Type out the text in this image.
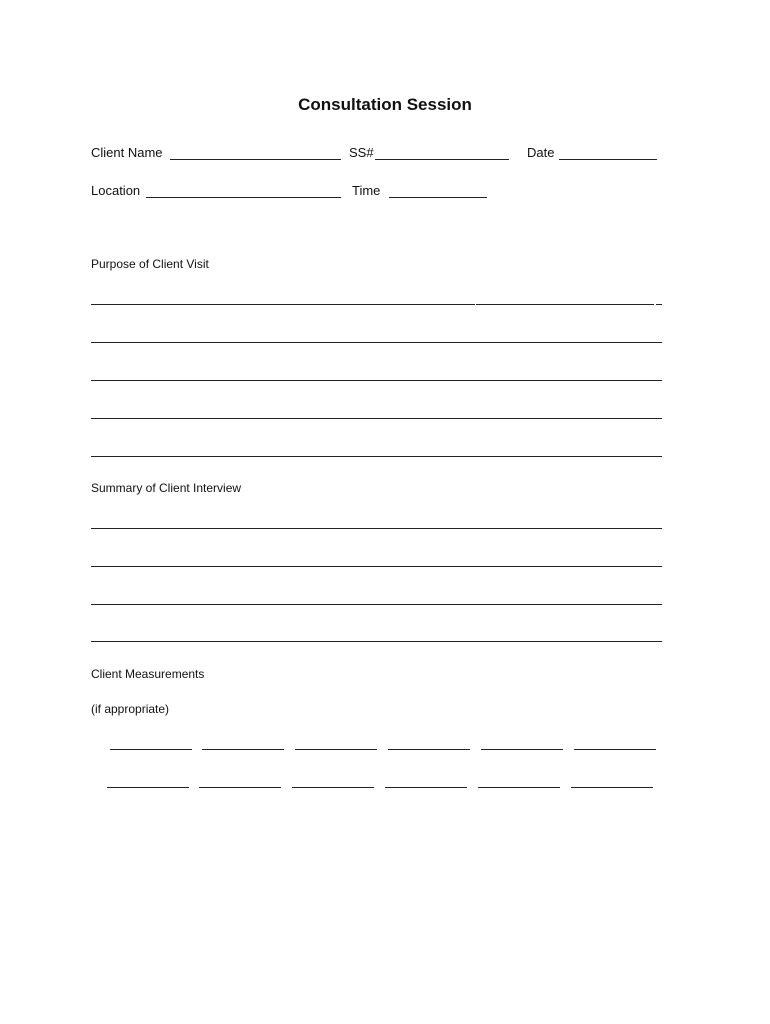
Consultation Session
Client Name	SS#	Date
Location	Time
Purpose of Client Visit
Summary of Client Interview
Client Measurements
(if appropriate)
